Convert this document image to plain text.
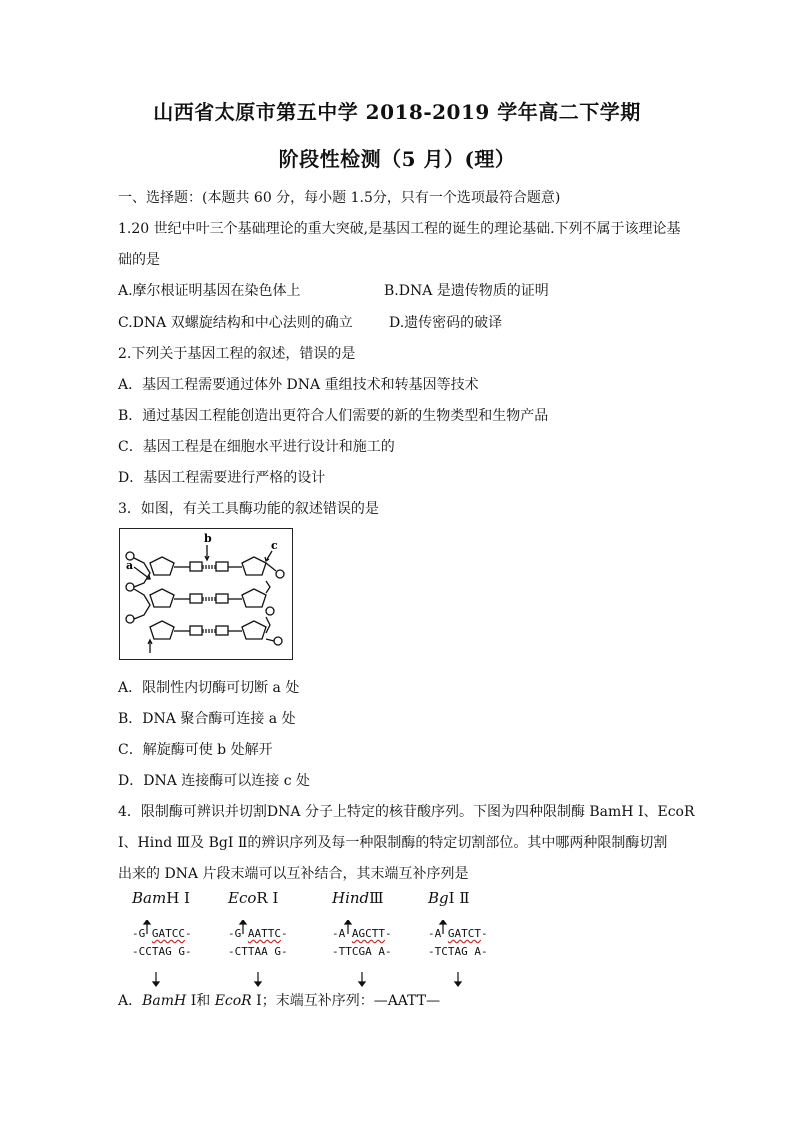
山西省太原市第五中学 2018-2019 学年高二下学期
阶段性检测（5 月）(理）
一、选择题：(本题共 60 分，每小题 1.5分，只有一个选项最符合题意)
1.20 世纪中叶三个基础理论的重大突破,是基因工程的诞生的理论基础.下列不属于该理论基
础的是
A.摩尔根证明基因在染色体上	B.DNA 是遗传物质的证明
C.DNA 双螺旋结构和中心法则的确立	D.遗传密码的破译
2.下列关于基因工程的叙述，错误的是
A．基因工程需要通过体外 DNA 重组技术和转基因等技术
B．通过基因工程能创造出更符合人们需要的新的生物类型和生物产品
C．基因工程是在细胞水平进行设计和施工的
D．基因工程需要进行严格的设计
3．如图，有关工具酶功能的叙述错误的是
a
b
c
A．限制性内切酶可切断 a 处
B．DNA 聚合酶可连接 a 处
C．解旋酶可使 b 处解开
D．DNA 连接酶可以连接 c 处
4．限制酶可辨识并切割DNA 分子上特定的核苷酸序列。下图为四种限制酶 BamH Ⅰ、EcoR
Ⅰ、Hind Ⅲ及 BgⅠ Ⅱ的辨识序列及每一种限制酶的特定切割部位。其中哪两种限制酶切割
出来的 DNA 片段末端可以互补结合，其末端互补序列是
BamH Ⅰ
-G GATCC-
-CCTAG G-
EcoR Ⅰ
-G AATTC-
-CTTAA G-
HindⅢ
-A AGCTT-
-TTCGA A-
BgⅠ Ⅱ
-A GATCT-
-TCTAG A-
A．BamH Ⅰ和 EcoR Ⅰ；末端互补序列：—AATT—
